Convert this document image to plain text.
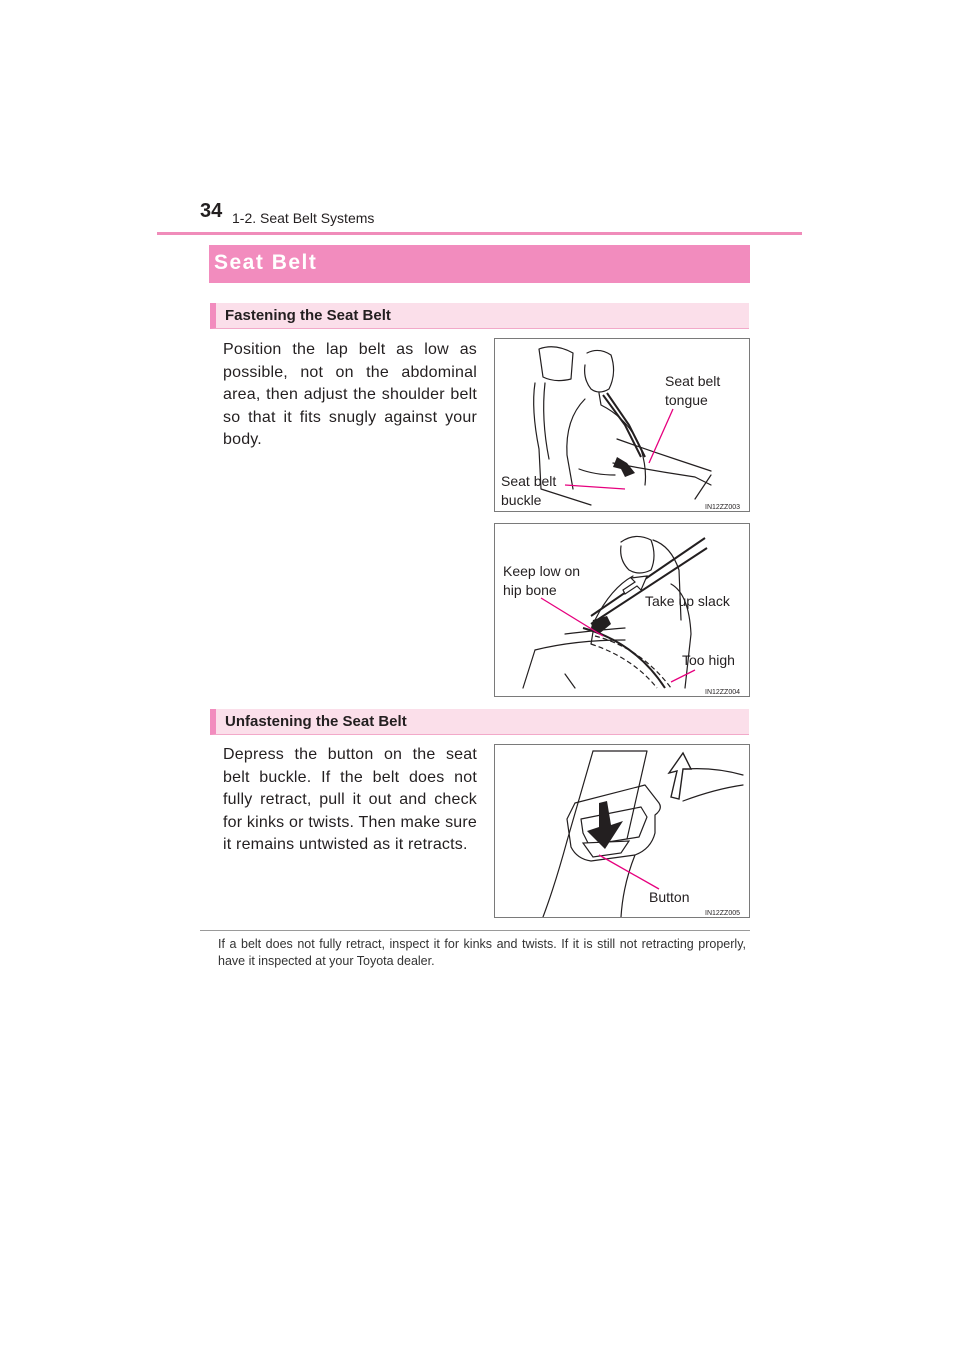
34 1-2. Seat Belt Systems
Seat Belt
Fastening the Seat Belt

Position the lap belt as low as possible, not on the abdominal area, then adjust the shoulder belt so that it fits snugly against your body.

Seat belt
tongue
Seat belt
buckle	IN12ZZ003
Keep low on
hip bone
Take up slack
Too high
IN12ZZ004
Unfastening the Seat Belt

Depress the button on the seat belt buckle. If the belt does not fully retract, pull it out and check for kinks or twists. Then make sure it remains untwisted as it retracts.

Button
IN12ZZ005

If a belt does not fully retract, inspect it for kinks and twists. If it is still not retracting properly, have it inspected at your Toyota dealer.
